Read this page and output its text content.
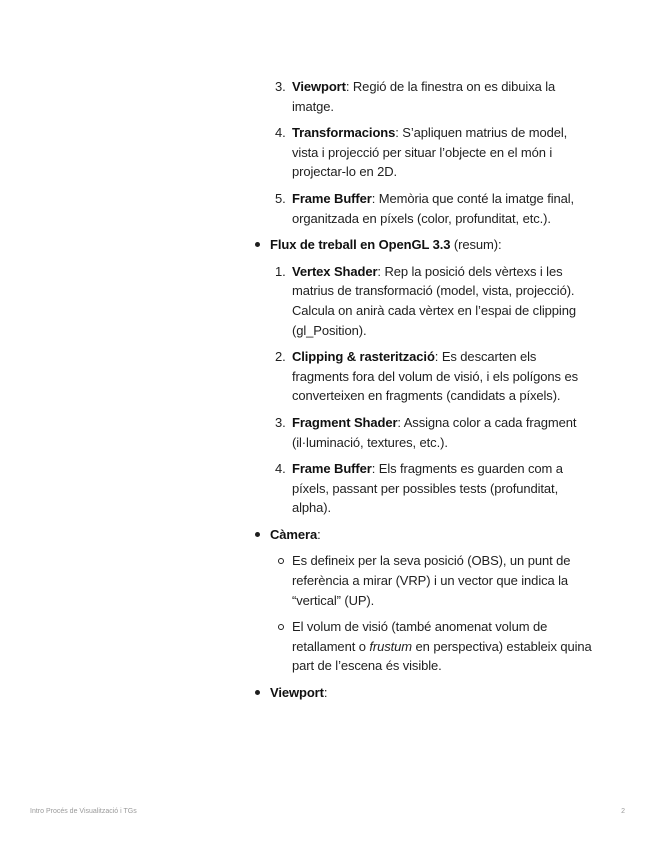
3. Viewport: Regió de la finestra on es dibuixa la imatge.
4. Transformacions: S’apliquen matrius de model, vista i projecció per situar l’objecte en el món i projectar-lo en 2D.
5. Frame Buffer: Memòria que conté la imatge final, organitzada en píxels (color, profunditat, etc.).
Flux de treball en OpenGL 3.3 (resum):
1. Vertex Shader: Rep la posició dels vèrtexs i les matrius de transformació (model, vista, projecció). Calcula on anirà cada vèrtex en l’espai de clipping (gl_Position).
2. Clipping & rasterització: Es descarten els fragments fora del volum de visió, i els polígons es converteixen en fragments (candidats a píxels).
3. Fragment Shader: Assigna color a cada fragment (il·luminació, textures, etc.).
4. Frame Buffer: Els fragments es guarden com a píxels, passant per possibles tests (profunditat, alpha).
Càmera:
Es defineix per la seva posició (OBS), un punt de referència a mirar (VRP) i un vector que indica la “vertical” (UP).
El volum de visió (també anomenat volum de retallament o frustum en perspectiva) estableix quina part de l’escena és visible.
Viewport:
Intro Procés de Visualització i TGs	2
